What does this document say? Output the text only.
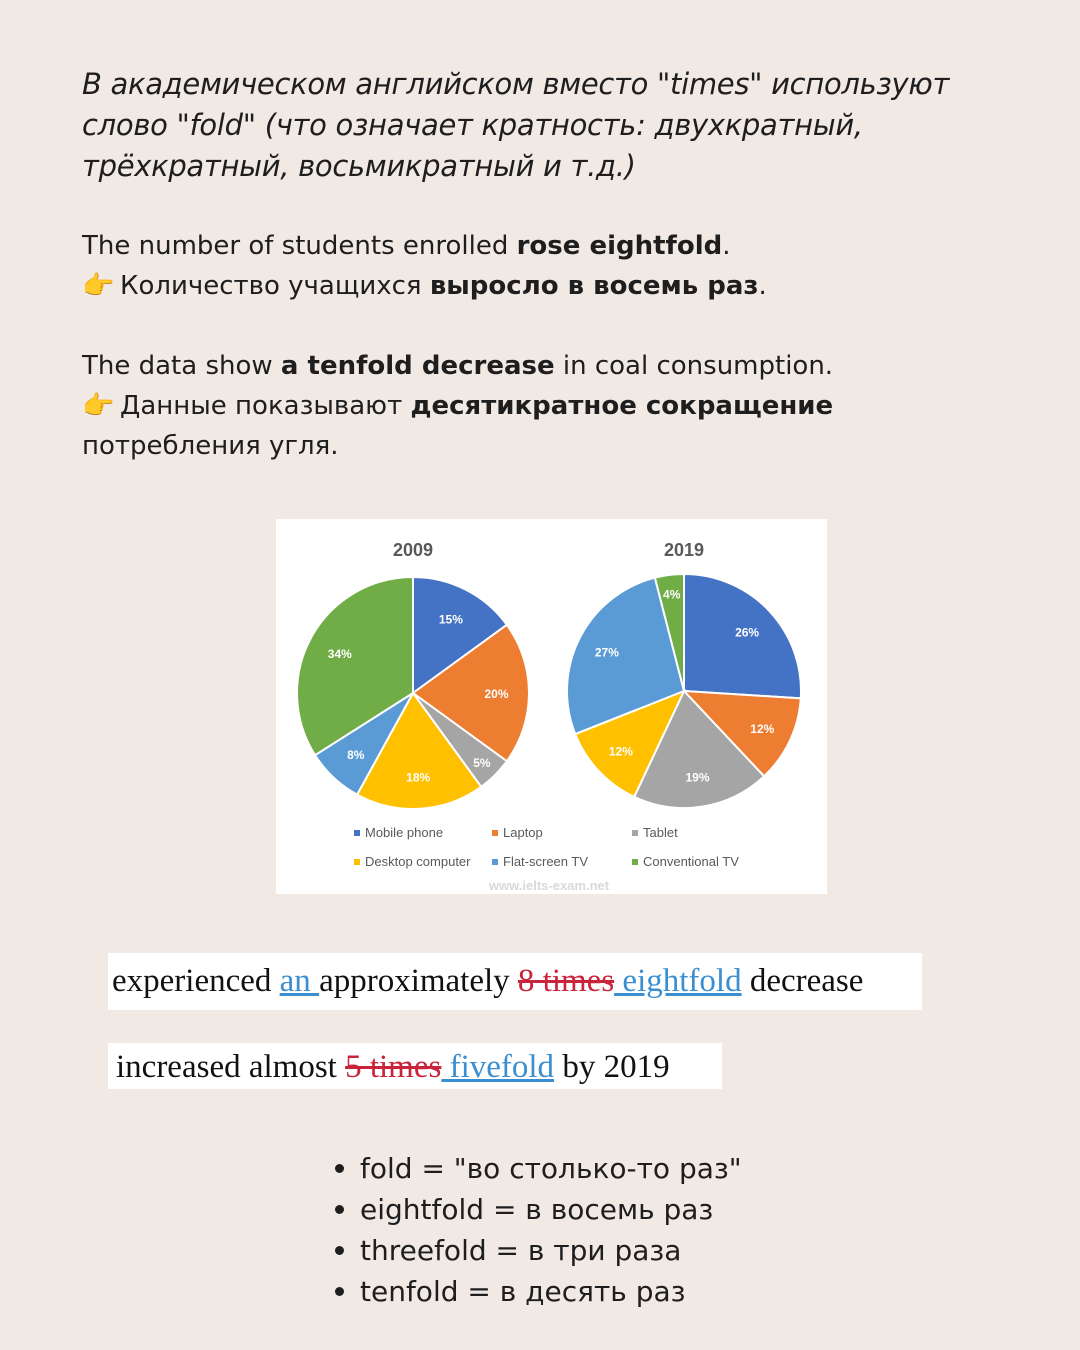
В академическом английском вместо "times" используют слово "fold" (что означает кратность: двухкратный, трёхкратный, восьмикратный и т.д.)
The number of students enrolled rose eightfold.
👉 Количество учащихся выросло в восемь раз.
The data show a tenfold decrease in coal consumption.
👉 Данные показывают десятикратное сокращение потребления угля.
2009
15%
20%
5%
18%
8%
34%
2019
26%
12%
19%
12%
27%
4%
Mobile phone	Laptop	Tablet
Desktop computer	Flat-screen TV	Conventional TV
www.ielts-exam.net
experienced an approximately 8 times eightfold decrease
increased almost 5 times fivefold by 2019
fold = "во столько-то раз"
eightfold = в восемь раз
threefold = в три раза
tenfold = в десять раз
